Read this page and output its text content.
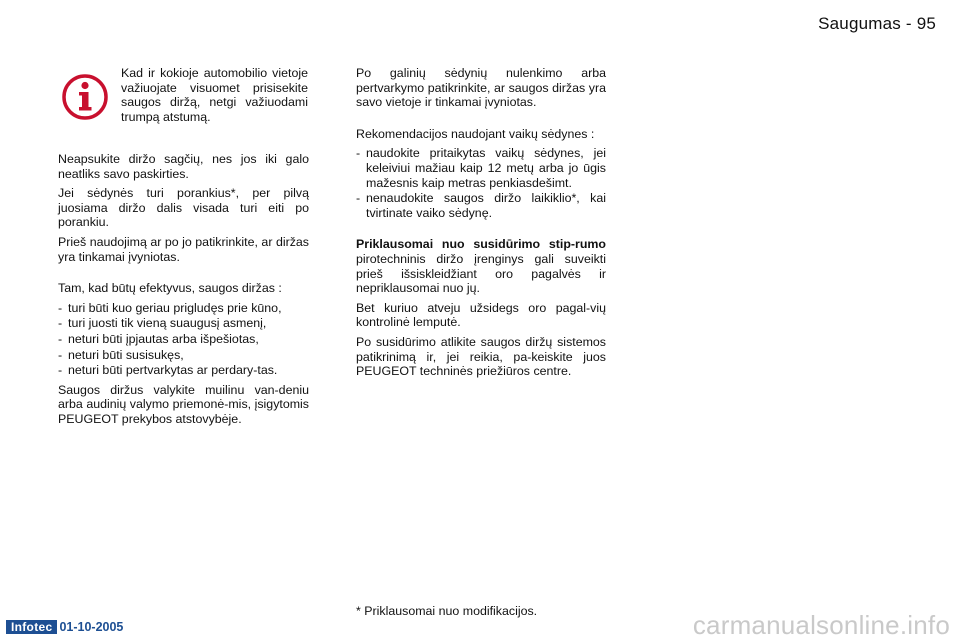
Saugumas - 95
Kad ir kokioje automobilio vietoje važiuojate visuomet prisisekite saugos diržą, netgi važiuodami trumpą atstumą.

Neapsukite diržo sagčių, nes jos iki galo neatliks savo paskirties.

Jei sėdynės turi porankius*, per pilvą juosiama diržo dalis visada turi eiti po porankiu.

Prieš naudojimą ar po jo patikrinkite, ar diržas yra tinkamai įvyniotas.

Tam, kad būtų efektyvus, saugos diržas :

- turi būti kuo geriau prigludęs prie kūno,
- turi juosti tik vieną suaugusį asmenį,
- neturi būti įpjautas arba išpešiotas,
- neturi būti susisukęs,
- neturi būti pertvarkytas ar perdary-tas.

Saugos diržus valykite muilinu van-deniu arba audinių valymo priemonė-mis, įsigytomis PEUGEOT prekybos atstovybėje.

Po galinių sėdynių nulenkimo arba pertvarkymo patikrinkite, ar saugos diržas yra savo vietoje ir tinkamai įvyniotas.

Rekomendacijos naudojant vaikų sėdynes :

- naudokite pritaikytas vaikų sėdynes, jei keleiviui mažiau kaip 12 metų arba jo ūgis mažesnis kaip metras penkiasdešimt.
- nenaudokite saugos diržo laikiklio*, kai tvirtinate vaiko sėdynę.

Priklausomai nuo susidūrimo stip-rumo pirotechninis diržo įrenginys gali suveikti prieš išsiskleidžiant oro pagalvės ir nepriklausomai nuo jų.

Bet kuriuo atveju užsidegs oro pagal-vių kontrolinė lemputė.

Po susidūrimo atlikite saugos diržų sistemos patikrinimą ir, jei reikia, pa-keiskite juos PEUGEOT techninės priežiūros centre.

* Priklausomai nuo modifikacijos.
Infotec 01-10-2005	carmanualsonline.info
